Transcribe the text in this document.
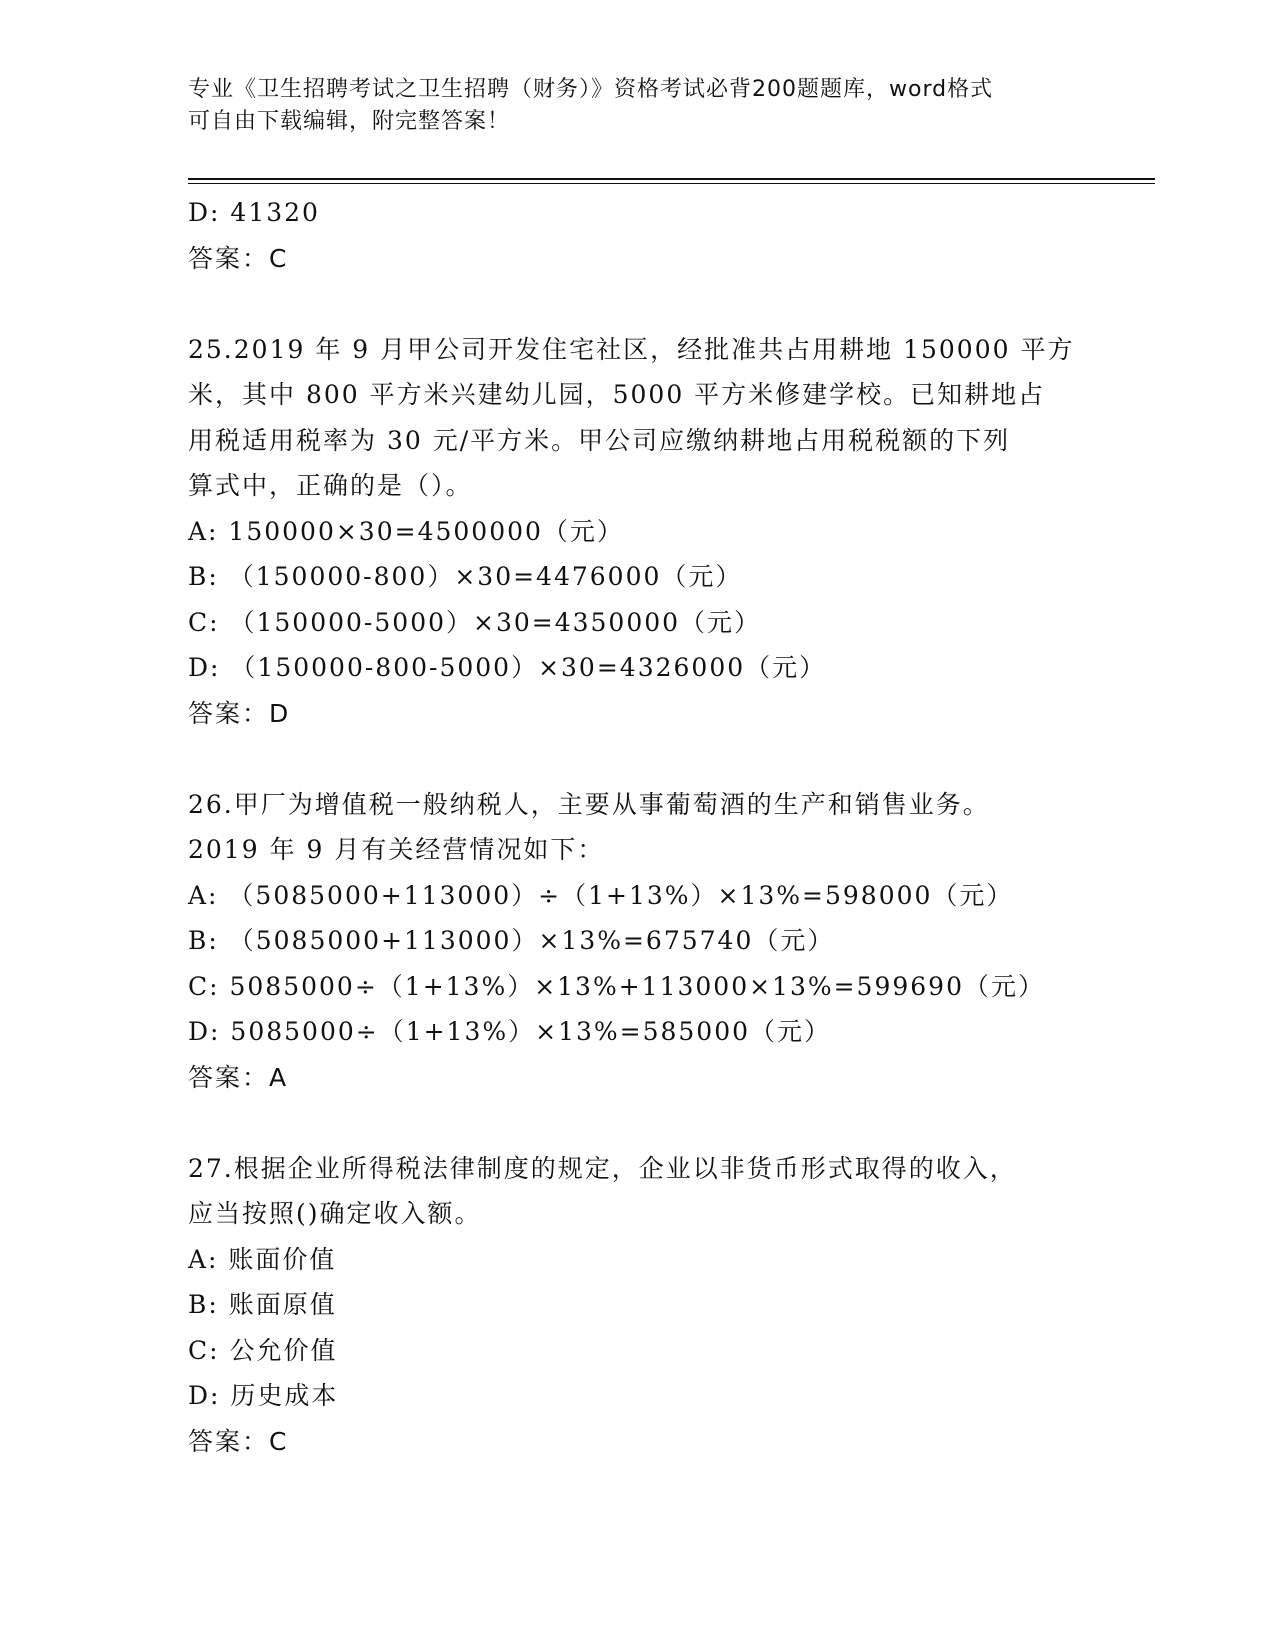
专业《卫生招聘考试之卫生招聘（财务）》资格考试必背200题题库，word格式
可自由下载编辑，附完整答案！
D: 41320
答案：C
25.2019 年 9 月甲公司开发住宅社区，经批准共占用耕地 150000 平方
米，其中 800 平方米兴建幼儿园，5000 平方米修建学校。已知耕地占
用税适用税率为 30 元/平方米。甲公司应缴纳耕地占用税税额的下列
算式中，正确的是（）。
A: 150000×30=4500000（元）
B: （150000-800）×30=4476000（元）
C: （150000-5000）×30=4350000（元）
D: （150000-800-5000）×30=4326000（元）
答案：D
26.甲厂为增值税一般纳税人，主要从事葡萄酒的生产和销售业务。
2019 年 9 月有关经营情况如下：
A: （5085000+113000）÷（1+13%）×13%=598000（元）
B: （5085000+113000）×13%=675740（元）
C: 5085000÷（1+13%）×13%+113000×13%=599690（元）
D: 5085000÷（1+13%）×13%=585000（元）
答案：A
27.根据企业所得税法律制度的规定，企业以非货币形式取得的收入，
应当按照()确定收入额。
A: 账面价值
B: 账面原值
C: 公允价值
D: 历史成本
答案：C
